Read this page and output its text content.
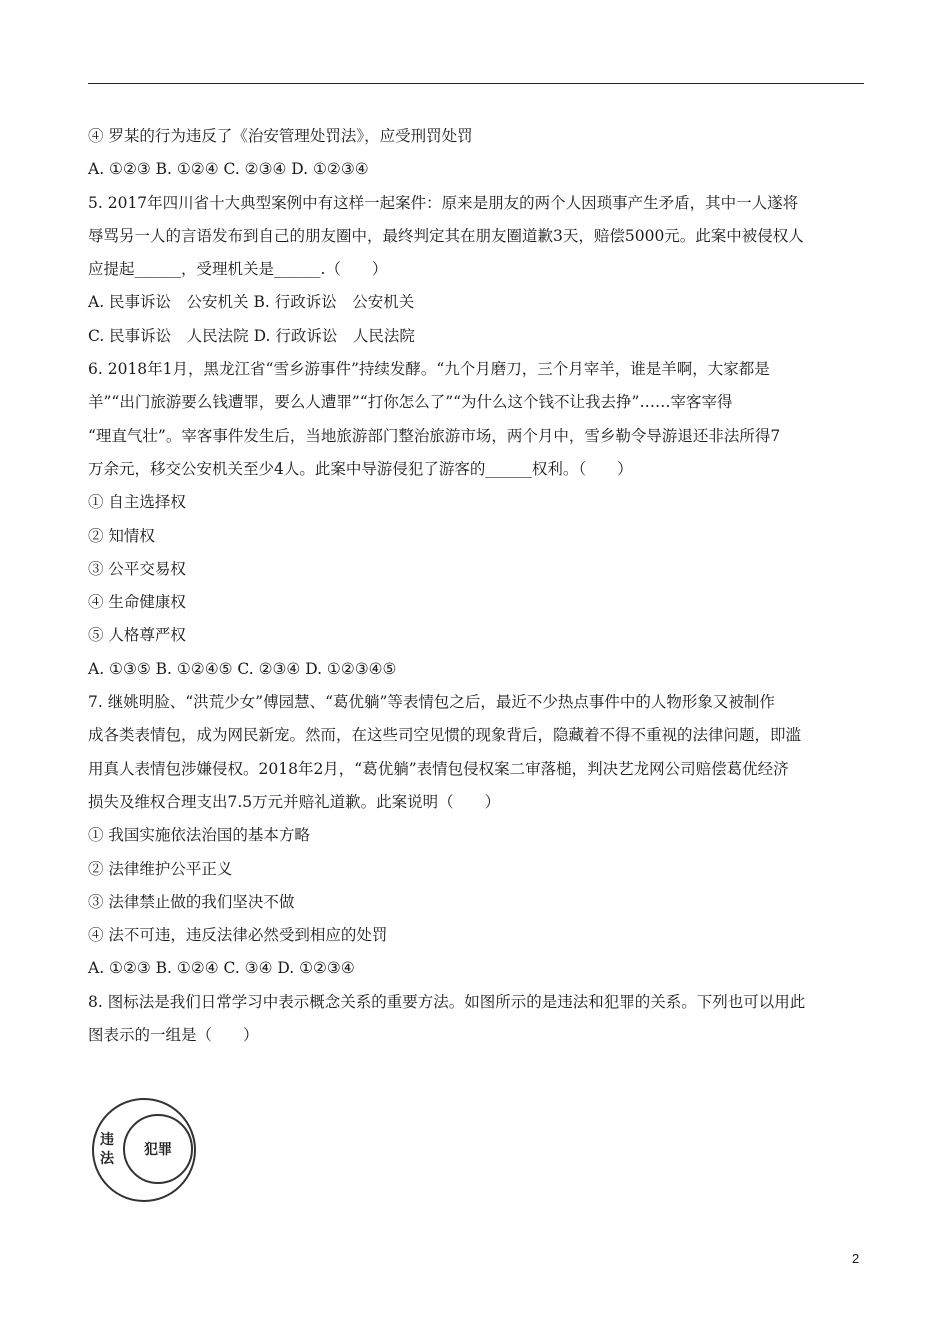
④ 罗某的行为违反了《治安管理处罚法》，应受刑罚处罚
A. ①②③ B. ①②④ C. ②③④ D. ①②③④
5. 2017年四川省十大典型案例中有这样一起案件：原来是朋友的两个人因琐事产生矛盾，其中一人遂将
辱骂另一人的言语发布到自己的朋友圈中，最终判定其在朋友圈道歉3天，赔偿5000元。此案中被侵权人
应提起______，受理机关是______.（　　）
A. 民事诉讼　公安机关 B. 行政诉讼　公安机关
C. 民事诉讼　人民法院 D. 行政诉讼　人民法院
6. 2018年1月，黑龙江省“雪乡游事件”持续发酵。“九个月磨刀，三个月宰羊，谁是羊啊，大家都是
羊”“出门旅游要么钱遭罪，要么人遭罪”“打你怎么了”“为什么这个钱不让我去挣”……宰客宰得
“理直气壮”。宰客事件发生后，当地旅游部门整治旅游市场，两个月中，雪乡勒令导游退还非法所得7
万余元，移交公安机关至少4人。此案中导游侵犯了游客的______权利。（　　）
① 自主选择权
② 知情权
③ 公平交易权
④ 生命健康权
⑤ 人格尊严权
A. ①③⑤ B. ①②④⑤ C. ②③④ D. ①②③④⑤
7. 继姚明脸、“洪荒少女”傅园慧、“葛优躺”等表情包之后，最近不少热点事件中的人物形象又被制作
成各类表情包，成为网民新宠。然而，在这些司空见惯的现象背后，隐藏着不得不重视的法律问题，即滥
用真人表情包涉嫌侵权。2018年2月，“葛优躺”表情包侵权案二审落槌，判决艺龙网公司赔偿葛优经济
损失及维权合理支出7.5万元并赔礼道歉。此案说明（　　）
① 我国实施依法治国的基本方略
② 法律维护公平正义
③ 法律禁止做的我们坚决不做
④ 法不可违，违反法律必然受到相应的处罚
A. ①②③ B. ①②④ C. ③④ D. ①②③④
8. 图标法是我们日常学习中表示概念关系的重要方法。如图所示的是违法和犯罪的关系。下列也可以用此
图表示的一组是（　　）
违
法
犯罪
2
